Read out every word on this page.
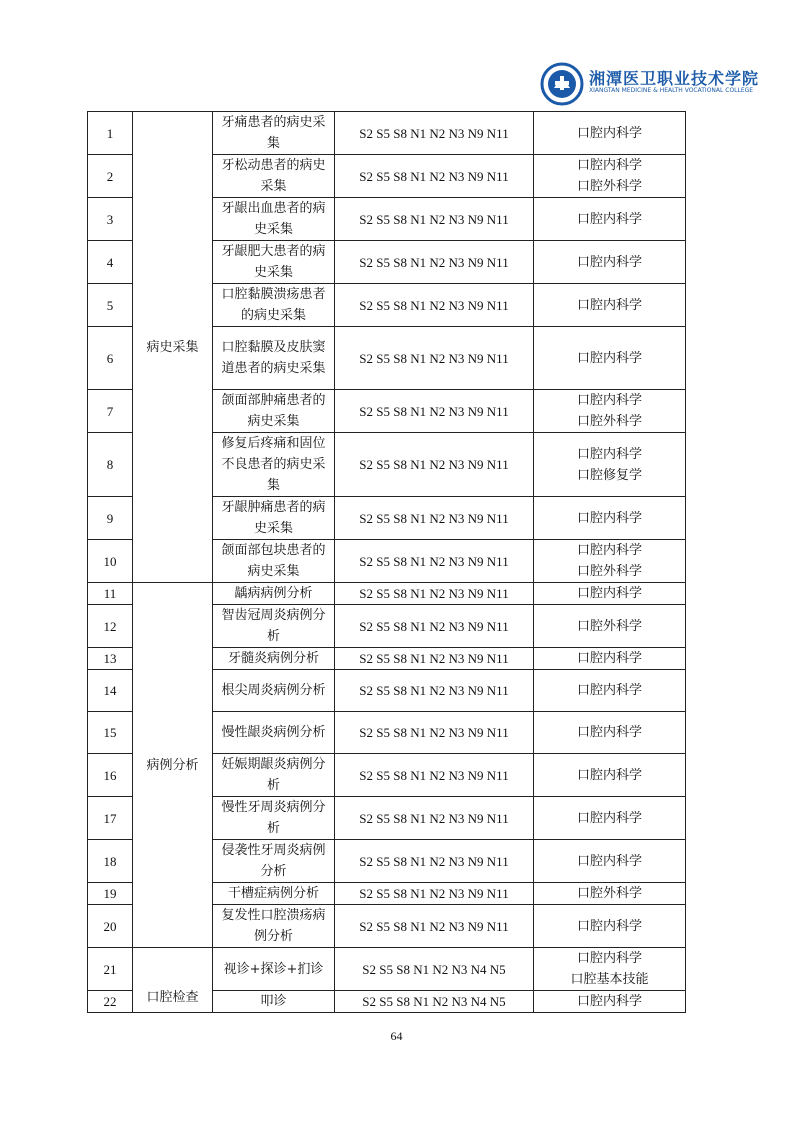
湘潭医卫职业技术学院
XIANGTAN MEDICINE & HEALTH VOCATIONAL COLLEGE
1	病史采集	牙痛患者的病史采集	S2 S5 S8 N1 N2 N3 N9 N11	口腔内科学

2		牙松动患者的病史采集	S2 S5 S8 N1 N2 N3 N9 N11	口腔内科学
口腔外科学

3		牙龈出血患者的病史采集	S2 S5 S8 N1 N2 N3 N9 N11	口腔内科学

4		牙龈肥大患者的病史采集	S2 S5 S8 N1 N2 N3 N9 N11	口腔内科学

5		口腔黏膜溃疡患者的病史采集	S2 S5 S8 N1 N2 N3 N9 N11	口腔内科学

6		口腔黏膜及皮肤窦道患者的病史采集	S2 S5 S8 N1 N2 N3 N9 N11	口腔内科学

7		颌面部肿痛患者的病史采集	S2 S5 S8 N1 N2 N3 N9 N11	口腔内科学
口腔外科学

8		修复后疼痛和固位不良患者的病史采集	S2 S5 S8 N1 N2 N3 N9 N11	口腔内科学
口腔修复学

9		牙龈肿痛患者的病史采集	S2 S5 S8 N1 N2 N3 N9 N11	口腔内科学

10		颌面部包块患者的病史采集	S2 S5 S8 N1 N2 N3 N9 N11	口腔内科学
口腔外科学

11	病例分析	龋病病例分析	S2 S5 S8 N1 N2 N3 N9 N11	口腔内科学

12		智齿冠周炎病例分析	S2 S5 S8 N1 N2 N3 N9 N11	口腔外科学

13		牙髓炎病例分析	S2 S5 S8 N1 N2 N3 N9 N11	口腔内科学

14		根尖周炎病例分析	S2 S5 S8 N1 N2 N3 N9 N11	口腔内科学

15		慢性龈炎病例分析	S2 S5 S8 N1 N2 N3 N9 N11	口腔内科学

16		妊娠期龈炎病例分析	S2 S5 S8 N1 N2 N3 N9 N11	口腔内科学

17		慢性牙周炎病例分析	S2 S5 S8 N1 N2 N3 N9 N11	口腔内科学

18		侵袭性牙周炎病例分析	S2 S5 S8 N1 N2 N3 N9 N11	口腔内科学

19		干槽症病例分析	S2 S5 S8 N1 N2 N3 N9 N11	口腔外科学

20		复发性口腔溃疡病例分析	S2 S5 S8 N1 N2 N3 N9 N11	口腔内科学

21	口腔检查	视诊+探诊+扪诊	S2 S5 S8 N1 N2 N3 N4 N5	口腔内科学
口腔基本技能

22		叩诊	S2 S5 S8 N1 N2 N3 N4 N5	口腔内科学
64
